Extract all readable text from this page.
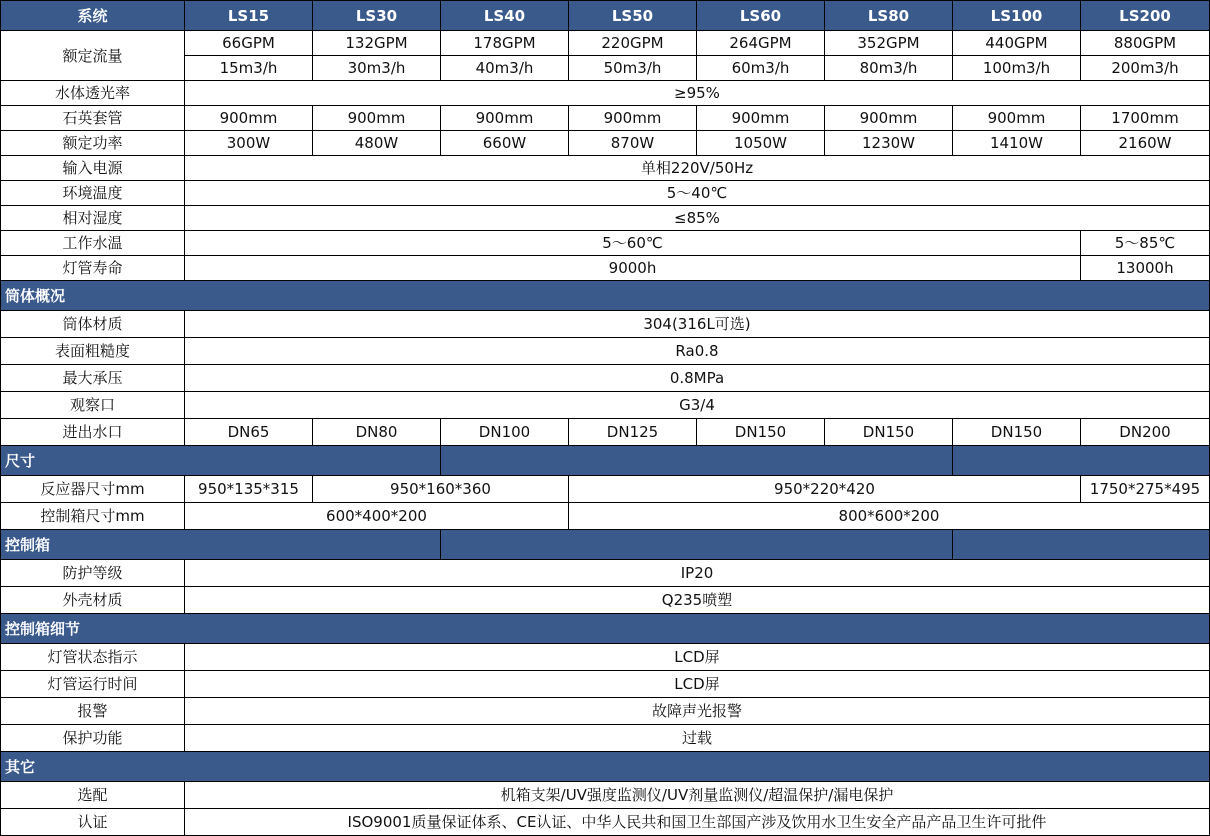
系统	LS15	LS30	LS40	LS50	LS60	LS80	LS100	LS200
额定流量	66GPM	132GPM	178GPM	220GPM	264GPM	352GPM	440GPM	880GPM
	15m3/h	30m3/h	40m3/h	50m3/h	60m3/h	80m3/h	100m3/h	200m3/h
水体透光率	≥95%							
石英套管	900mm	900mm	900mm	900mm	900mm	900mm	900mm	1700mm
额定功率	300W	480W	660W	870W	1050W	1230W	1410W	2160W
输入电源	单相220V/50Hz							
环境温度	5～40℃							
相对湿度	≤85%							
工作水温	5～60℃							5～85℃
灯管寿命	9000h							13000h
筒体概况								
筒体材质	304(316L可选)							
表面粗糙度	Ra0.8							
最大承压	0.8MPa							
观察口	G3/4							
进出水口	DN65	DN80	DN100	DN125	DN150	DN150	DN150	DN200
尺寸								
反应器尺寸mm	950*135*315	950*160*360		950*220*420				1750*275*495
控制箱尺寸mm	600*400*200			800*600*200				
控制箱								
防护等级	IP20							
外壳材质	Q235喷塑							
控制箱细节								
灯管状态指示	LCD屏							
灯管运行时间	LCD屏							
报警	故障声光报警							
保护功能	过载							
其它								
选配	机箱支架/UV强度监测仪/UV剂量监测仪/超温保护/漏电保护							
认证	ISO9001质量保证体系、CE认证、中华人民共和国卫生部国产涉及饮用水卫生安全产品产品卫生许可批件							
